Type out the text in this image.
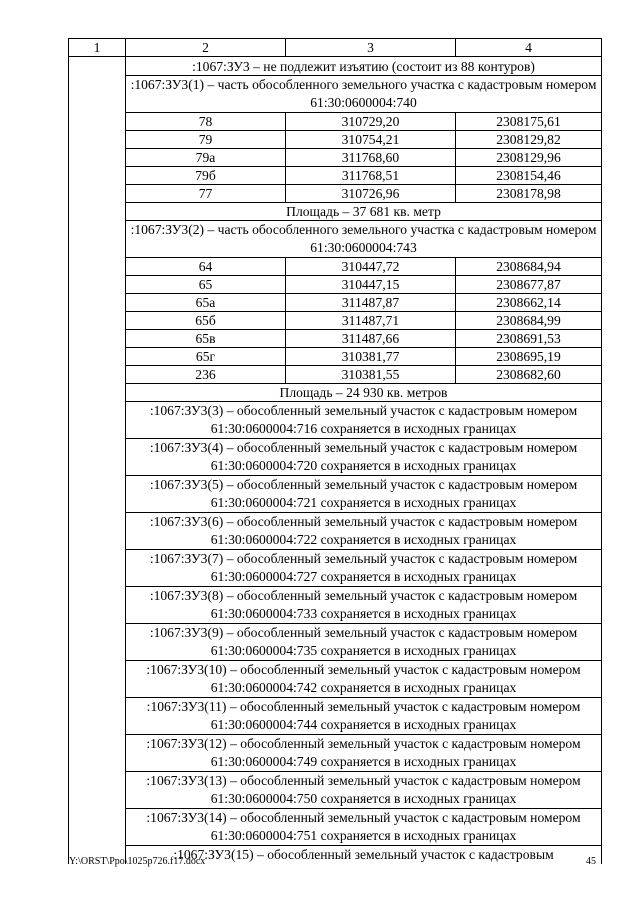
1	2	3	4
	:1067:ЗУ3 – не подлежит изъятию (состоит из 88 контуров)		
	:1067:ЗУ3(1) – часть обособленного земельного участка с кадастровым номером 61:30:0600004:740		
	78	310729,20	2308175,61
	79	310754,21	2308129,82
	79а	311768,60	2308129,96
	79б	311768,51	2308154,46
	77	310726,96	2308178,98
	Площадь – 37 681 кв. метр		
	:1067:ЗУ3(2) – часть обособленного земельного участка с кадастровым номером 61:30:0600004:743		
	64	310447,72	2308684,94
	65	310447,15	2308677,87
	65а	311487,87	2308662,14
	65б	311487,71	2308684,99
	65в	311487,66	2308691,53
	65г	310381,77	2308695,19
	236	310381,55	2308682,60
	Площадь – 24 930 кв. метров		
	:1067:ЗУ3(3) – обособленный земельный участок с кадастровым номером 61:30:0600004:716 сохраняется в исходных границах		
	:1067:ЗУ3(4) – обособленный земельный участок с кадастровым номером 61:30:0600004:720 сохраняется в исходных границах		
	:1067:ЗУ3(5) – обособленный земельный участок с кадастровым номером 61:30:0600004:721 сохраняется в исходных границах		
	:1067:ЗУ3(6) – обособленный земельный участок с кадастровым номером 61:30:0600004:722 сохраняется в исходных границах		
	:1067:ЗУ3(7) – обособленный земельный участок с кадастровым номером 61:30:0600004:727 сохраняется в исходных границах		
	:1067:ЗУ3(8) – обособленный земельный участок с кадастровым номером 61:30:0600004:733 сохраняется в исходных границах		
	:1067:ЗУ3(9) – обособленный земельный участок с кадастровым номером 61:30:0600004:735 сохраняется в исходных границах		
	:1067:ЗУ3(10) – обособленный земельный участок с кадастровым номером 61:30:0600004:742 сохраняется в исходных границах		
	:1067:ЗУ3(11) – обособленный земельный участок с кадастровым номером 61:30:0600004:744 сохраняется в исходных границах		
	:1067:ЗУ3(12) – обособленный земельный участок с кадастровым номером 61:30:0600004:749 сохраняется в исходных границах		
	:1067:ЗУ3(13) – обособленный земельный участок с кадастровым номером 61:30:0600004:750 сохраняется в исходных границах		
	:1067:ЗУ3(14) – обособленный земельный участок с кадастровым номером 61:30:0600004:751 сохраняется в исходных границах		
	:1067:ЗУ3(15) – обособленный земельный участок с кадастровым		
Y:\ORST\Ppo\1025p726.f17.docx	45
